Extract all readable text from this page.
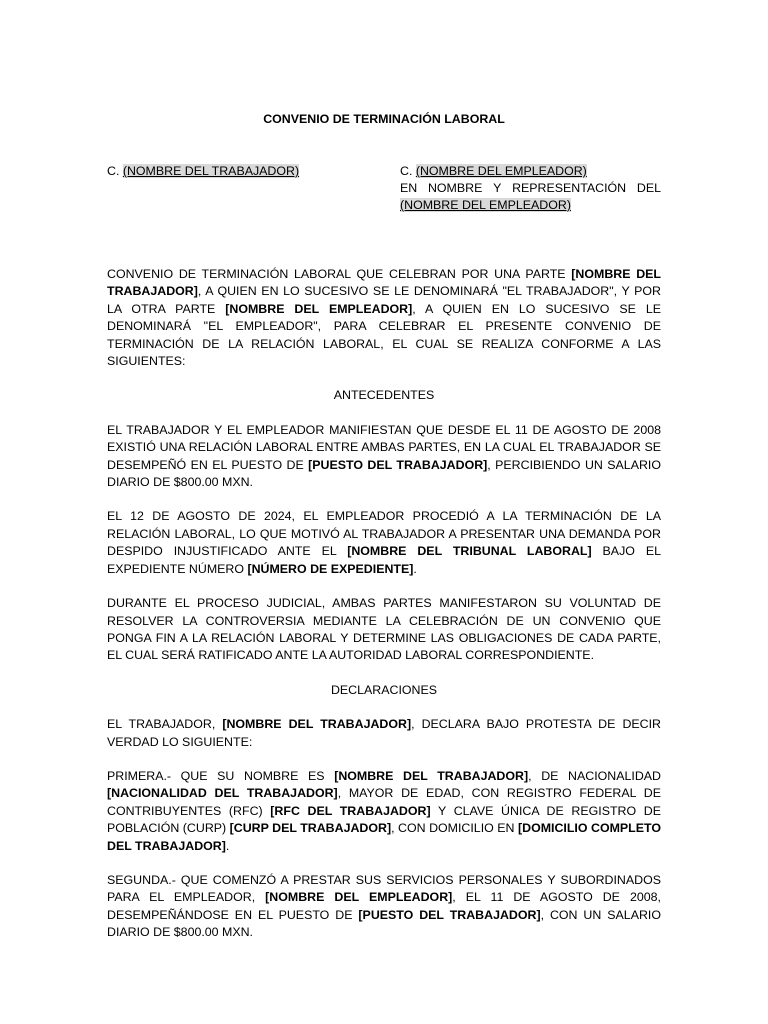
CONVENIO DE TERMINACIÓN LABORAL
C. (NOMBRE DEL TRABAJADOR)	C. (NOMBRE DEL EMPLEADOR)
EN NOMBRE Y REPRESENTACIÓN DEL
(NOMBRE DEL EMPLEADOR)

CONVENIO DE TERMINACIÓN LABORAL QUE CELEBRAN POR UNA PARTE [NOMBRE DEL TRABAJADOR], A QUIEN EN LO SUCESIVO SE LE DENOMINARÁ "EL TRABAJADOR", Y POR LA OTRA PARTE [NOMBRE DEL EMPLEADOR], A QUIEN EN LO SUCESIVO SE LE DENOMINARÁ "EL EMPLEADOR", PARA CELEBRAR EL PRESENTE CONVENIO DE TERMINACIÓN DE LA RELACIÓN LABORAL, EL CUAL SE REALIZA CONFORME A LAS SIGUIENTES:

ANTECEDENTES

EL TRABAJADOR Y EL EMPLEADOR MANIFIESTAN QUE DESDE EL 11 DE AGOSTO DE 2008 EXISTIÓ UNA RELACIÓN LABORAL ENTRE AMBAS PARTES, EN LA CUAL EL TRABAJADOR SE DESEMPEÑÓ EN EL PUESTO DE [PUESTO DEL TRABAJADOR], PERCIBIENDO UN SALARIO DIARIO DE $800.00 MXN.

EL 12 DE AGOSTO DE 2024, EL EMPLEADOR PROCEDIÓ A LA TERMINACIÓN DE LA RELACIÓN LABORAL, LO QUE MOTIVÓ AL TRABAJADOR A PRESENTAR UNA DEMANDA POR DESPIDO INJUSTIFICADO ANTE EL [NOMBRE DEL TRIBUNAL LABORAL] BAJO EL EXPEDIENTE NÚMERO [NÚMERO DE EXPEDIENTE].

DURANTE EL PROCESO JUDICIAL, AMBAS PARTES MANIFESTARON SU VOLUNTAD DE RESOLVER LA CONTROVERSIA MEDIANTE LA CELEBRACIÓN DE UN CONVENIO QUE PONGA FIN A LA RELACIÓN LABORAL Y DETERMINE LAS OBLIGACIONES DE CADA PARTE, EL CUAL SERÁ RATIFICADO ANTE LA AUTORIDAD LABORAL CORRESPONDIENTE.

DECLARACIONES

EL TRABAJADOR, [NOMBRE DEL TRABAJADOR], DECLARA BAJO PROTESTA DE DECIR VERDAD LO SIGUIENTE:

PRIMERA.- QUE SU NOMBRE ES [NOMBRE DEL TRABAJADOR], DE NACIONALIDAD [NACIONALIDAD DEL TRABAJADOR], MAYOR DE EDAD, CON REGISTRO FEDERAL DE CONTRIBUYENTES (RFC) [RFC DEL TRABAJADOR] Y CLAVE ÚNICA DE REGISTRO DE POBLACIÓN (CURP) [CURP DEL TRABAJADOR], CON DOMICILIO EN [DOMICILIO COMPLETO DEL TRABAJADOR].

SEGUNDA.- QUE COMENZÓ A PRESTAR SUS SERVICIOS PERSONALES Y SUBORDINADOS PARA EL EMPLEADOR, [NOMBRE DEL EMPLEADOR], EL 11 DE AGOSTO DE 2008, DESEMPEÑÁNDOSE EN EL PUESTO DE [PUESTO DEL TRABAJADOR], CON UN SALARIO DIARIO DE $800.00 MXN.
